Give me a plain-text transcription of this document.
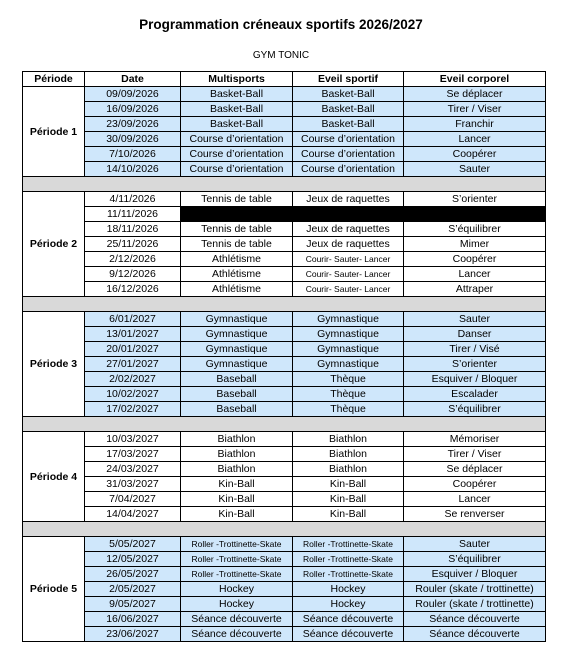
Programmation créneaux sportifs 2026/2027
GYM TONIC
Période	Date	Multisports	Eveil sportif	Eveil corporel
Période 1	09/09/2026	Basket-Ball	Basket-Ball	Se déplacer
	16/09/2026	Basket-Ball	Basket-Ball	Tirer / Viser
	23/09/2026	Basket-Ball	Basket-Ball	Franchir
	30/09/2026	Course d’orientation	Course d’orientation	Lancer
	7/10/2026	Course d’orientation	Course d’orientation	Coopérer
	14/10/2026	Course d’orientation	Course d’orientation	Sauter

Période 2	4/11/2026	Tennis de table	Jeux de raquettes	S’orienter
	11/11/2026			
	18/11/2026	Tennis de table	Jeux de raquettes	S’équilibrer
	25/11/2026	Tennis de table	Jeux de raquettes	Mimer
	2/12/2026	Athlétisme	Courir- Sauter- Lancer	Coopérer
	9/12/2026	Athlétisme	Courir- Sauter- Lancer	Lancer
	16/12/2026	Athlétisme	Courir- Sauter- Lancer	Attraper

Période 3	6/01/2027	Gymnastique	Gymnastique	Sauter
	13/01/2027	Gymnastique	Gymnastique	Danser
	20/01/2027	Gymnastique	Gymnastique	Tirer / Visé
	27/01/2027	Gymnastique	Gymnastique	S’orienter
	2/02/2027	Baseball	Thèque	Esquiver / Bloquer
	10/02/2027	Baseball	Thèque	Escalader
	17/02/2027	Baseball	Thèque	S’équilibrer

Période 4	10/03/2027	Biathlon	Biathlon	Mémoriser
	17/03/2027	Biathlon	Biathlon	Tirer / Viser
	24/03/2027	Biathlon	Biathlon	Se déplacer
	31/03/2027	Kin-Ball	Kin-Ball	Coopérer
	7/04/2027	Kin-Ball	Kin-Ball	Lancer
	14/04/2027	Kin-Ball	Kin-Ball	Se renverser

Période 5	5/05/2027	Roller -Trottinette-Skate	Roller -Trottinette-Skate	Sauter
	12/05/2027	Roller -Trottinette-Skate	Roller -Trottinette-Skate	S’équilibrer
	26/05/2027	Roller -Trottinette-Skate	Roller -Trottinette-Skate	Esquiver / Bloquer
	2/05/2027	Hockey	Hockey	Rouler (skate / trottinette)
	9/05/2027	Hockey	Hockey	Rouler (skate / trottinette)
	16/06/2027	Séance découverte	Séance découverte	Séance découverte
	23/06/2027	Séance découverte	Séance découverte	Séance découverte
